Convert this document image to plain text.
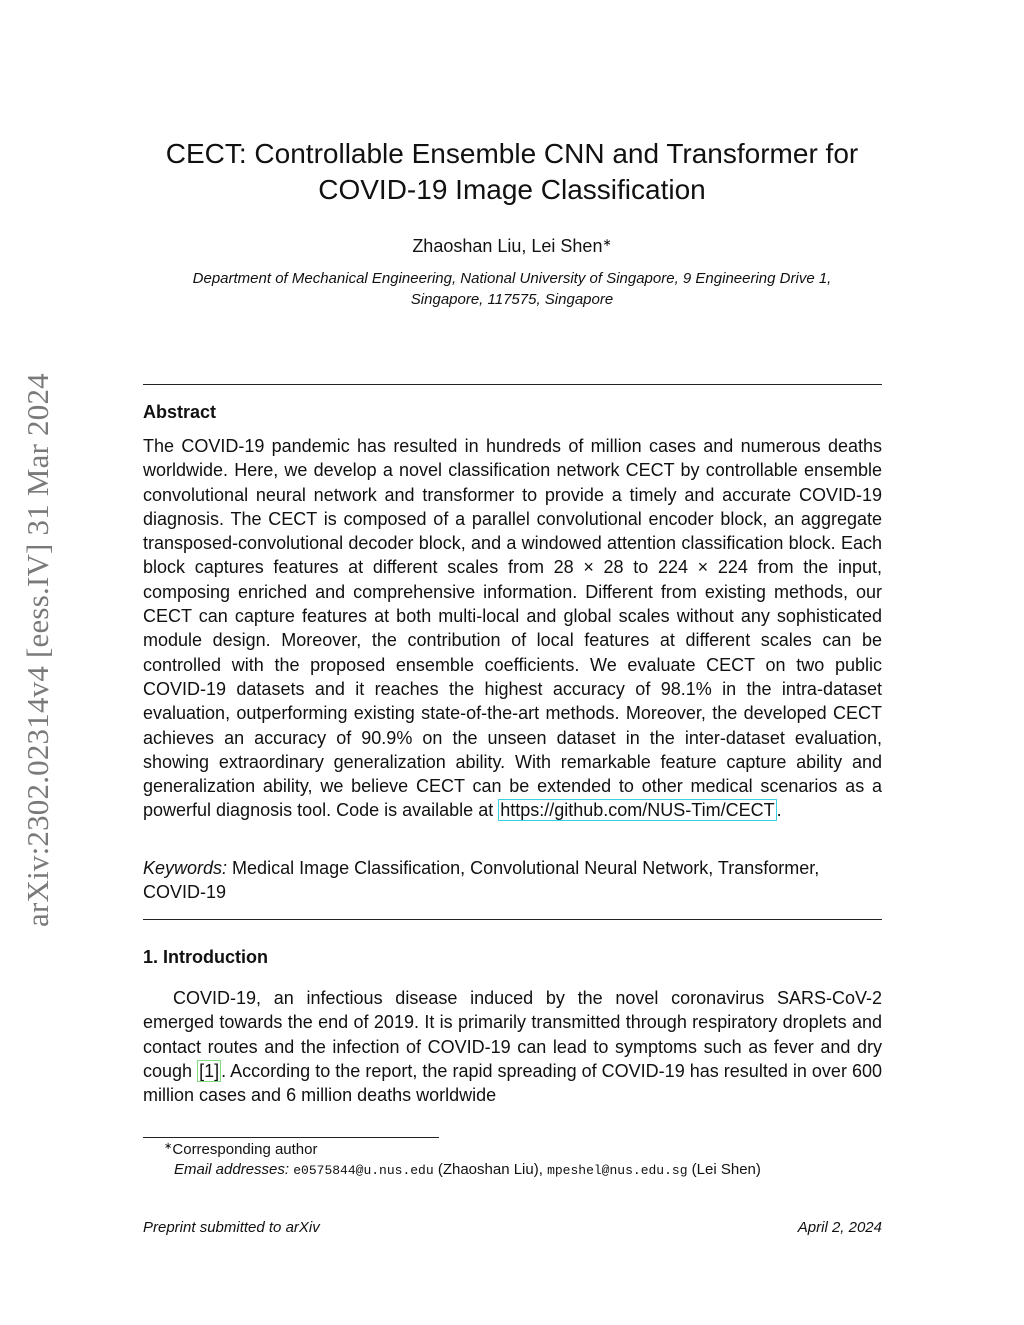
arXiv:2302.02314v4 [eess.IV] 31 Mar 2024
CECT: Controllable Ensemble CNN and Transformer for
COVID-19 Image Classification
Zhaoshan Liu, Lei Shen∗
Department of Mechanical Engineering, National University of Singapore, 9 Engineering Drive 1,
Singapore, 117575, Singapore
Abstract
The COVID-19 pandemic has resulted in hundreds of million cases and numerous deaths worldwide. Here, we develop a novel classification network CECT by controllable ensemble convolutional neural network and transformer to provide a timely and accurate COVID-19 diagnosis. The CECT is composed of a parallel convolutional encoder block, an aggregate transposed-convolutional decoder block, and a windowed attention classification block. Each block captures features at different scales from 28 × 28 to 224 × 224 from the input, composing enriched and comprehensive information. Different from existing methods, our CECT can capture features at both multi-local and global scales without any sophisticated module design. Moreover, the contribution of local features at different scales can be controlled with the proposed ensemble coefficients. We evaluate CECT on two public COVID-19 datasets and it reaches the highest accuracy of 98.1% in the intra-dataset evaluation, outperforming existing state-of-the-art methods. Moreover, the developed CECT achieves an accuracy of 90.9% on the unseen dataset in the inter-dataset evaluation, showing extraordinary generalization ability. With remarkable feature capture ability and generalization ability, we believe CECT can be extended to other medical scenarios as a powerful diagnosis tool. Code is available at https://github.com/NUS-Tim/CECT .
Keywords: Medical Image Classification, Convolutional Neural Network, Transformer, COVID-19
1. Introduction
COVID-19, an infectious disease induced by the novel coronavirus SARS-CoV-2 emerged towards the end of 2019. It is primarily transmitted through respiratory droplets and contact routes and the infection of COVID-19 can lead to symptoms such as fever and dry cough [1] . According to the report, the rapid spreading of COVID-19 has resulted in over 600 million cases and 6 million deaths worldwide
∗Corresponding author
Email addresses: e0575844@u.nus.edu (Zhaoshan Liu), mpeshel@nus.edu.sg (Lei Shen)
Preprint submitted to arXiv	April 2, 2024
